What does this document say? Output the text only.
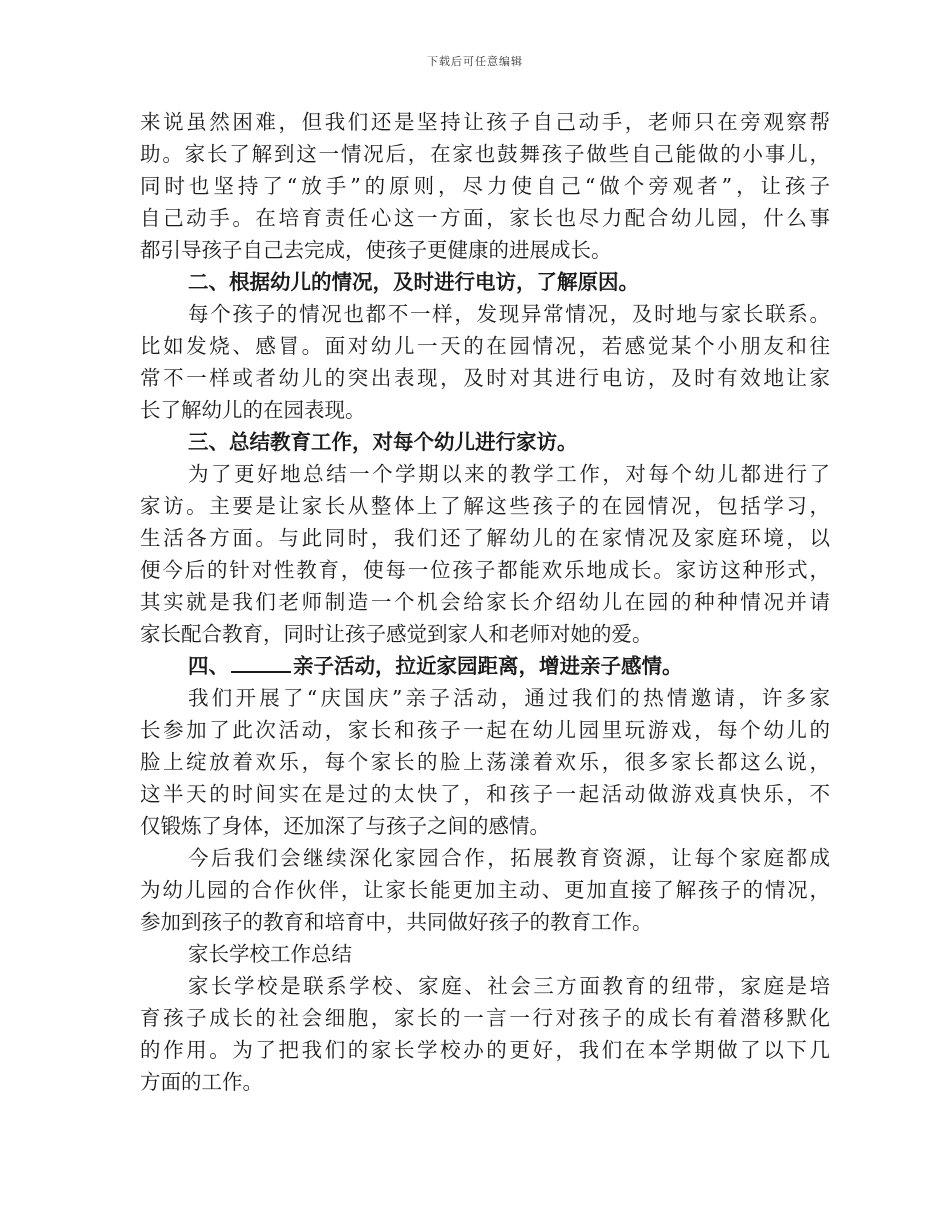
下载后可任意编辑
来说虽然困难，但我们还是坚持让孩子自己动手，老师只在旁观察帮
助。家长了解到这一情况后，在家也鼓舞孩子做些自己能做的小事儿，
同时也坚持了“放手”的原则，尽力使自己“做个旁观者”，让孩子
自己动手。在培育责任心这一方面，家长也尽力配合幼儿园，什么事
都引导孩子自己去完成，使孩子更健康的进展成长。
二、根据幼儿的情况，及时进行电访，了解原因。
每个孩子的情况也都不一样，发现异常情况，及时地与家长联系。
比如发烧、感冒。面对幼儿一天的在园情况，若感觉某个小朋友和往
常不一样或者幼儿的突出表现，及时对其进行电访，及时有效地让家
长了解幼儿的在园表现。
三、总结教育工作，对每个幼儿进行家访。
为了更好地总结一个学期以来的教学工作，对每个幼儿都进行了
家访。主要是让家长从整体上了解这些孩子的在园情况，包括学习，
生活各方面。与此同时，我们还了解幼儿的在家情况及家庭环境，以
便今后的针对性教育，使每一位孩子都能欢乐地成长。家访这种形式，
其实就是我们老师制造一个机会给家长介绍幼儿在园的种种情况并请
家长配合教育，同时让孩子感觉到家人和老师对她的爱。
四、	亲子活动，拉近家园距离，增进亲子感情。
我们开展了“庆国庆”亲子活动，通过我们的热情邀请，许多家
长参加了此次活动，家长和孩子一起在幼儿园里玩游戏，每个幼儿的
脸上绽放着欢乐，每个家长的脸上荡漾着欢乐，很多家长都这么说，
这半天的时间实在是过的太快了，和孩子一起活动做游戏真快乐，不
仅锻炼了身体，还加深了与孩子之间的感情。
今后我们会继续深化家园合作，拓展教育资源，让每个家庭都成
为幼儿园的合作伙伴，让家长能更加主动、更加直接了解孩子的情况，
参加到孩子的教育和培育中，共同做好孩子的教育工作。
家长学校工作总结
家长学校是联系学校、家庭、社会三方面教育的纽带，家庭是培
育孩子成长的社会细胞，家长的一言一行对孩子的成长有着潜移默化
的作用。为了把我们的家长学校办的更好，我们在本学期做了以下几
方面的工作。
